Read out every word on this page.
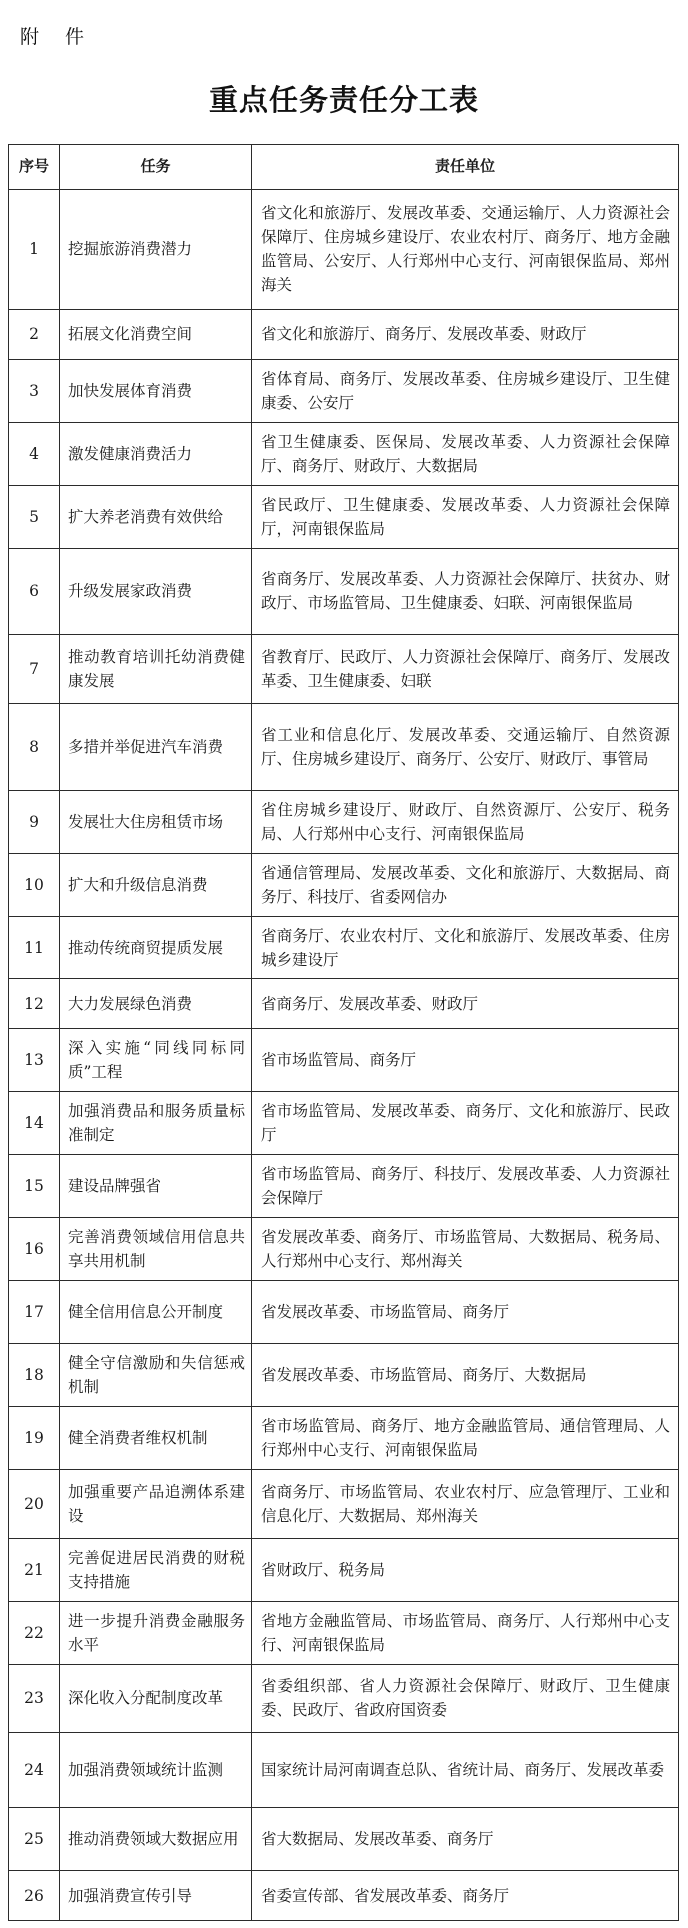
附 件
重点任务责任分工表
序号	任务	责任单位
1	挖掘旅游消费潜力	省文化和旅游厅、发展改革委、交通运输厅、人力资源社会保障厅、住房城乡建设厅、农业农村厅、商务厅、地方金融监管局、公安厅、人行郑州中心支行、河南银保监局、郑州海关
2	拓展文化消费空间	省文化和旅游厅、商务厅、发展改革委、财政厅
3	加快发展体育消费	省体育局、商务厅、发展改革委、住房城乡建设厅、卫生健康委、公安厅
4	激发健康消费活力	省卫生健康委、医保局、发展改革委、人力资源社会保障厅、商务厅、财政厅、大数据局
5	扩大养老消费有效供给	省民政厅、卫生健康委、发展改革委、人力资源社会保障厅，河南银保监局
6	升级发展家政消费	省商务厅、发展改革委、人力资源社会保障厅、扶贫办、财政厅、市场监管局、卫生健康委、妇联、河南银保监局
7	推动教育培训托幼消费健康发展	省教育厅、民政厅、人力资源社会保障厅、商务厅、发展改革委、卫生健康委、妇联
8	多措并举促进汽车消费	省工业和信息化厅、发展改革委、交通运输厅、自然资源厅、住房城乡建设厅、商务厅、公安厅、财政厅、事管局
9	发展壮大住房租赁市场	省住房城乡建设厅、财政厅、自然资源厅、公安厅、税务局、人行郑州中心支行、河南银保监局
10	扩大和升级信息消费	省通信管理局、发展改革委、文化和旅游厅、大数据局、商务厅、科技厅、省委网信办
11	推动传统商贸提质发展	省商务厅、农业农村厅、文化和旅游厅、发展改革委、住房城乡建设厅
12	大力发展绿色消费	省商务厅、发展改革委、财政厅
13	深入实施“同线同标同质”工程	省市场监管局、商务厅
14	加强消费品和服务质量标准制定	省市场监管局、发展改革委、商务厅、文化和旅游厅、民政厅
15	建设品牌强省	省市场监管局、商务厅、科技厅、发展改革委、人力资源社会保障厅
16	完善消费领域信用信息共享共用机制	省发展改革委、商务厅、市场监管局、大数据局、税务局、人行郑州中心支行、郑州海关
17	健全信用信息公开制度	省发展改革委、市场监管局、商务厅
18	健全守信激励和失信惩戒机制	省发展改革委、市场监管局、商务厅、大数据局
19	健全消费者维权机制	省市场监管局、商务厅、地方金融监管局、通信管理局、人行郑州中心支行、河南银保监局
20	加强重要产品追溯体系建设	省商务厅、市场监管局、农业农村厅、应急管理厅、工业和信息化厅、大数据局、郑州海关
21	完善促进居民消费的财税支持措施	省财政厅、税务局
22	进一步提升消费金融服务水平	省地方金融监管局、市场监管局、商务厅、人行郑州中心支行、河南银保监局
23	深化收入分配制度改革	省委组织部、省人力资源社会保障厅、财政厅、卫生健康委、民政厅、省政府国资委
24	加强消费领域统计监测	国家统计局河南调查总队、省统计局、商务厅、发展改革委
25	推动消费领域大数据应用	省大数据局、发展改革委、商务厅
26	加强消费宣传引导	省委宣传部、省发展改革委、商务厅
